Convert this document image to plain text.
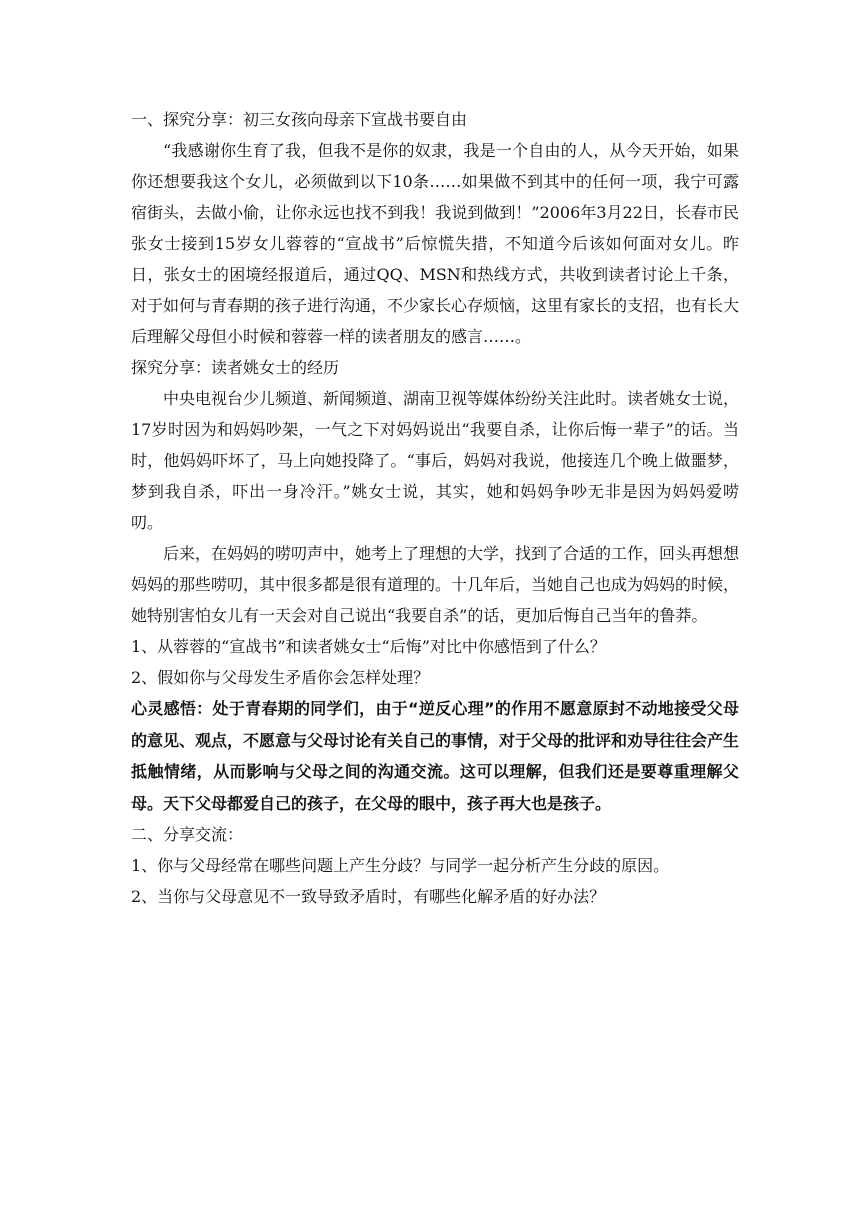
一、探究分享：初三女孩向母亲下宣战书要自由

“我感谢你生育了我，但我不是你的奴隶，我是一个自由的人，从今天开始，如果你还想要我这个女儿，必须做到以下10条……如果做不到其中的任何一项，我宁可露宿街头，去做小偷，让你永远也找不到我！我说到做到！”2006年3月22日，长春市民张女士接到15岁女儿蓉蓉的“宣战书”后惊慌失措，不知道今后该如何面对女儿。昨日，张女士的困境经报道后，通过QQ、MSN和热线方式，共收到读者讨论上千条，对于如何与青春期的孩子进行沟通，不少家长心存烦恼，这里有家长的支招，也有长大后理解父母但小时候和蓉蓉一样的读者朋友的感言……。

探究分享：读者姚女士的经历

中央电视台少儿频道、新闻频道、湖南卫视等媒体纷纷关注此时。读者姚女士说，17岁时因为和妈妈吵架，一气之下对妈妈说出“我要自杀，让你后悔一辈子”的话。当时，他妈妈吓坏了，马上向她投降了。“事后，妈妈对我说，他接连几个晚上做噩梦，梦到我自杀，吓出一身冷汗。”姚女士说，其实，她和妈妈争吵无非是因为妈妈爱唠叨。

后来，在妈妈的唠叨声中，她考上了理想的大学，找到了合适的工作，回头再想想妈妈的那些唠叨，其中很多都是很有道理的。十几年后，当她自己也成为妈妈的时候，她特别害怕女儿有一天会对自己说出“我要自杀”的话，更加后悔自己当年的鲁莽。

1、从蓉蓉的“宣战书”和读者姚女士“后悔”对比中你感悟到了什么？
2、假如你与父母发生矛盾你会怎样处理？

心灵感悟：处于青春期的同学们，由于“逆反心理”的作用不愿意原封不动地接受父母的意见、观点，不愿意与父母讨论有关自己的事情，对于父母的批评和劝导往往会产生抵触情绪，从而影响与父母之间的沟通交流。这可以理解，但我们还是要尊重理解父母。天下父母都爱自己的孩子，在父母的眼中，孩子再大也是孩子。

二、分享交流：
1、你与父母经常在哪些问题上产生分歧？与同学一起分析产生分歧的原因。
2、当你与父母意见不一致导致矛盾时，有哪些化解矛盾的好办法？
